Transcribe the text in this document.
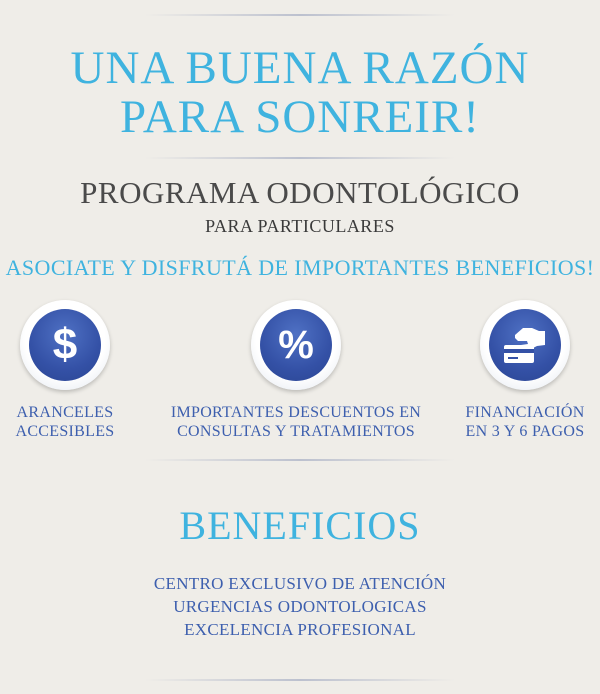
UNA BUENA RAZÓN
PARA SONREIR!
PROGRAMA ODONTOLÓGICO
PARA PARTICULARES
ASOCIATE Y DISFRUTÁ DE IMPORTANTES BENEFICIOS!
$	%
ARANCELES
ACCESIBLES
IMPORTANTES DESCUENTOS EN
CONSULTAS Y TRATAMIENTOS
FINANCIACIÓN
EN 3 Y 6 PAGOS
BENEFICIOS
CENTRO EXCLUSIVO DE ATENCIÓN
URGENCIAS ODONTOLOGICAS
EXCELENCIA PROFESIONAL
